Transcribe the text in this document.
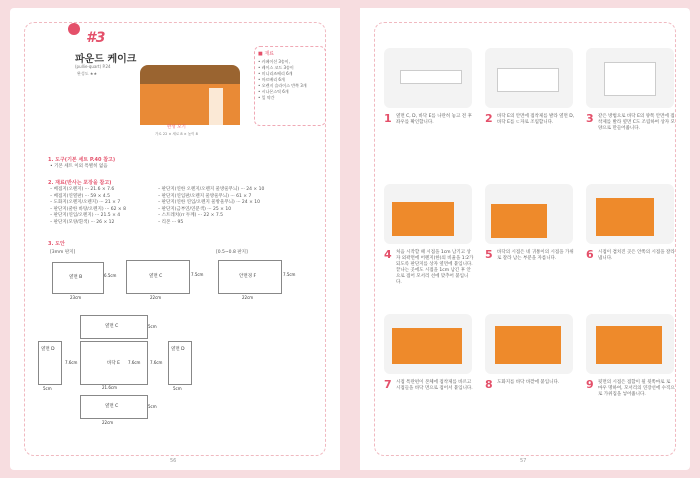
#3
파운드 케이크
(pullie-quart) P.24
완성도 ★★
완성 모기
가로 22 × 세로 8 × 높이 8
■ 재료
• 카페이션 3송이,
• 레이스 코드 3송이
• 미니리즈베리 6개
• 마르베리 6개
• 오렌지 슬라이스 반쪽 3개
• 시나몬스틱 6개
• 잎 약간
1. 도구(기본 세트 P.40 참고)
• 기본 세트 이외 특별히 없음
2. 재료(반사는 포장을 참고)
– 베접지(오렌지) ··· 21.6 × 7.6
– 베접지(연열판) ··· 59 × 4.5
– 도화지(오렌지/오렌지) ··· 21 × 7
– 판단지(쿨한 바탕/오렌지) ··· 62 × 8
– 판단지(연입/오렌지) ··· 21.5 × 4
– 판단지(모양/흰색) ··· 26 × 12
– 판단지(연한 오렌지/오렌지 물방울무늬) ··· 24 × 10
– 판단지(연입판/오렌지 물방울무늬) ··· 61 × 7
– 판단지(연한 연입/오렌지 물방울무늬) ··· 24 × 10
– 판단지(금부연/연분색) ··· 25 × 10
– 스트레치(rr 두께) ··· 22 × 7.5
– 리본 ··· 95
3. 도안
[3mm 판지]	[0.5~0.8 판지]
옆면 B	6.5cm
23cm
옆면 C	7.5cm
22cm
안면경 F	7.5cm
22cm
옆면 C	5cm
옆면 D
7.6cm
5cm
바닥 E 7.6cm
21.6cm
옆면 D
7.6cm
5cm
옆면 C	5cm
22cm
56
1 옆면 C, D, 바닥 E를 나란히 놓고 전 후좌우를 확인합니다.	2 바닥 E의 안면에 접착제를 발라 옆면 D, 바닥 E를 ㄷ자로 조립합니다.	3 같은 방법으로 바닥 E의 양쪽 안면에 접착제를 발라 옆면 C도 조립하여 상자 모양으로 만들어줍니다.
4 처음 시작할 때 시접을 1cm 남기고 상자 외곽면에 어렌지(한)의 비율을 1:2가 되도록 판단지를 상자 옆면에 붙입니다. 끝나는 곳에도 시접을 1cm 남긴 후 안으로 접어 모서리 선에 맞추어 붙입니다.
5 바닥의 시접은 네 귀퉁이의 시접을 가위로 잘라 남는 부분을 자릅니다.	6 시접이 겹치진 곳은 안쪽의 시접을 잘라냅니다.
7 시접 특란펀이 본체에 접착제를 바르고 시접들을 바닥 면으로 접어서 붙입니다. 8 도화지를 바닥 바깥에 붙입니다.	9 뒷면의 시접은 접합이 될 뒷쪽마로 로 마우 명하여, 모서리의 연장선에 수직으로 가위집을 넣어줍니다.
57
